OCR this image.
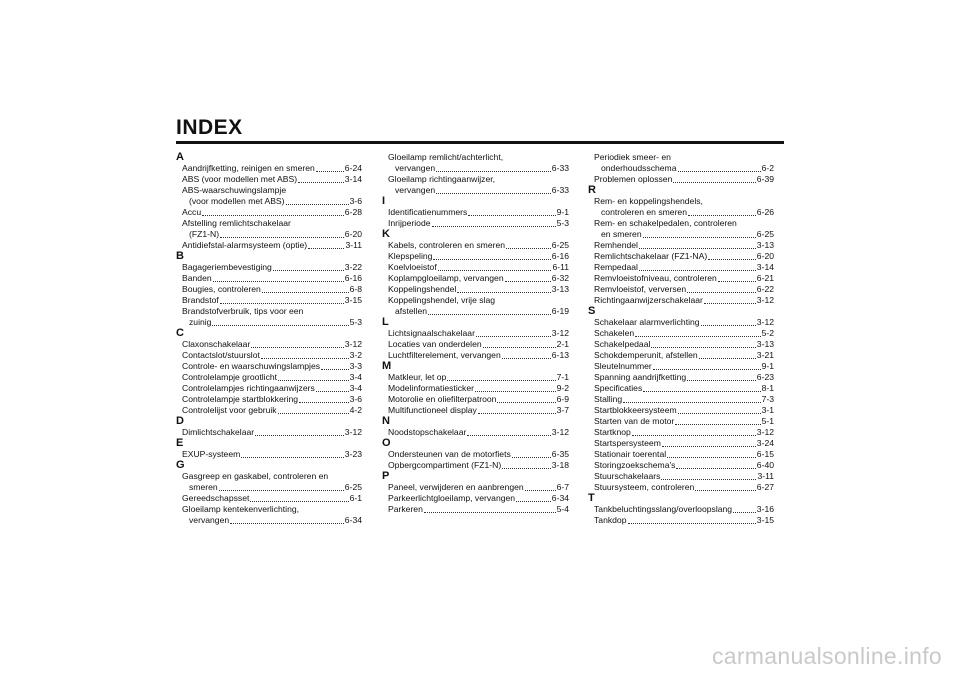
INDEX
A
Aandrijfketting, reinigen en smeren	6-24
ABS (voor modellen met ABS)	3-14
ABS-waarschuwingslampje
(voor modellen met ABS)	3-6
Accu	6-28
Afstelling remlichtschakelaar
(FZ1-N)	6-20
Antidiefstal-alarmsysteem (optie)	3-11
B
Bagageriembevestiging	3-22
Banden	6-16
Bougies, controleren	6-8
Brandstof	3-15
Brandstofverbruik, tips voor een
zuinig	5-3
C
Claxonschakelaar	3-12
Contactslot/stuurslot	3-2
Controle- en waarschuwingslampjes	3-3
Controlelampje grootlicht	3-4
Controlelampjes richtingaanwijzers	3-4
Controlelampje startblokkering	3-6
Controlelijst voor gebruik	4-2
D
Dimlichtschakelaar	3-12
E
EXUP-systeem	3-23
G
Gasgreep en gaskabel, controleren en
smeren	6-25
Gereedschapsset	6-1
Gloeilamp kentekenverlichting,
vervangen	6-34
Gloeilamp remlicht/achterlicht,
vervangen	6-33
Gloeilamp richtingaanwijzer,
vervangen	6-33
I
Identificatienummers	9-1
Inrijperiode	5-3
K
Kabels, controleren en smeren	6-25
Klepspeling	6-16
Koelvloeistof	6-11
Koplampgloeilamp, vervangen	6-32
Koppelingshendel	3-13
Koppelingshendel, vrije slag
afstellen	6-19
L
Lichtsignaalschakelaar	3-12
Locaties van onderdelen	2-1
Luchtfilterelement, vervangen	6-13
M
Matkleur, let op	7-1
Modelinformatiesticker	9-2
Motorolie en oliefilterpatroon	6-9
Multifunctioneel display	3-7
N
Noodstopschakelaar	3-12
O
Ondersteunen van de motorfiets	6-35
Opbergcompartiment (FZ1-N)	3-18
P
Paneel, verwijderen en aanbrengen	6-7
Parkeerlichtgloeilamp, vervangen	6-34
Parkeren	5-4
Periodiek smeer- en
onderhoudsschema	6-2
Problemen oplossen	6-39
R
Rem- en koppelingshendels,
controleren en smeren	6-26
Rem- en schakelpedalen, controleren
en smeren	6-25
Remhendel	3-13
Remlichtschakelaar (FZ1-NA)	6-20
Rempedaal	3-14
Remvloeistofniveau, controleren	6-21
Remvloeistof, verversen	6-22
Richtingaanwijzerschakelaar	3-12
S
Schakelaar alarmverlichting	3-12
Schakelen	5-2
Schakelpedaal	3-13
Schokdemperunit, afstellen	3-21
Sleutelnummer	9-1
Spanning aandrijfketting	6-23
Specificaties	8-1
Stalling	7-3
Startblokkeersysteem	3-1
Starten van de motor	5-1
Startknop	3-12
Startspersysteem	3-24
Stationair toerental	6-15
Storingzoekschema's	6-40
Stuurschakelaars	3-11
Stuursysteem, controleren	6-27
T
Tankbeluchtingsslang/overloopslang	3-16
Tankdop	3-15
carmanualsonline.info
